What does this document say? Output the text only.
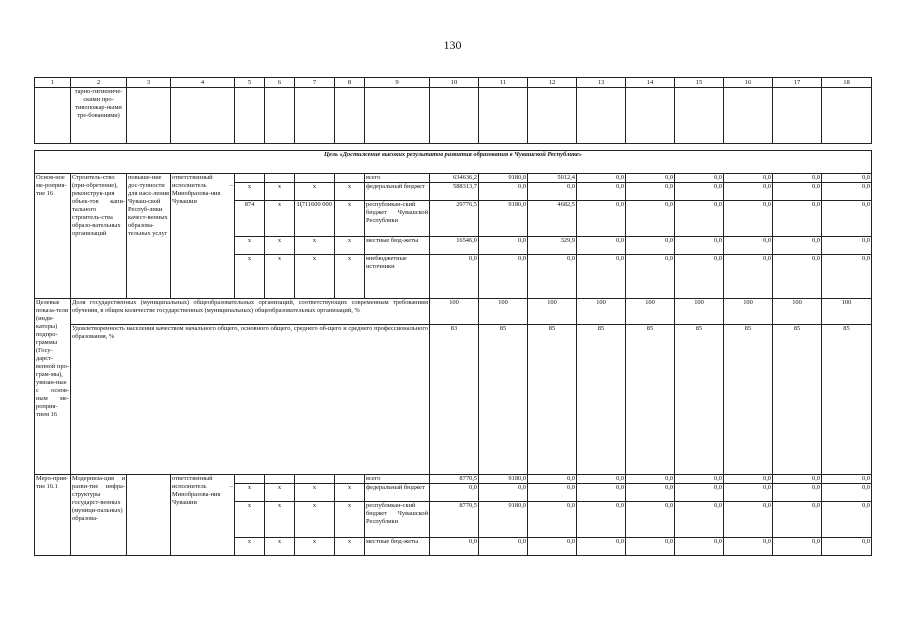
130
1	2	3	4	5	6	7	8	9	10	11	12	13	14	15	16	17	18
	тарно-гигиениче-скими про-тивопожар-ными тре-бованиями)																

Цель «Достижение высоких результатов развития образования в Чувашской Республике»																	
Основ-ное ме-роприя-тие 16	Строитель-ство (при-обретение), реконструк-ция объек-тов капи-тального строитель-ства образо-вательных организаций	повыше-ние дос-тупности для насе-ления Чуваш-ской Респуб-лики качест-венных образова-тельных услуг	ответственный исполнитель – Минобразова-ния Чувашии					всего	634636,2	9180,0	5012,4	0,0	0,0	0,0	0,0	0,0	0,0
				x	x	x	x	федеральный бюджет	588313,7	0,0	0,0	0,0	0,0	0,0	0,0	0,0	0,0
				874	x	Ц711600 000	x	республикан-ский бюджет Чувашской Республики	29776,5	9180,0	4682,5	0,0	0,0	0,0	0,0	0,0	0,0
				x	x	x	x	местные бюд-жеты	16546,0	0,0	329,9	0,0	0,0	0,0	0,0	0,0	0,0
				x	x	x	x	внебюджетные источники	0,0	0,0	0,0	0,0	0,0	0,0	0,0	0,0	0,0
Целевые показа-тели (инди-каторы) подпро-граммы (Госу-дарст-венной про-грам-мы), увязан-ные с основ-ным ме-роприя-тием 16	Доля государственных (муниципальных) общеобразовательных организаций, соответствующих современным требованиям обучения, в общем количестве государственных (муниципальных) общеобразовательных организаций, %								100	100	100	100	100	100	100	100	100
	Удовлетворенность населения качеством начального общего, основного общего, среднего об-щего и среднего профессионального образования, %								83	85	85	85	85	85	85	85	85
Меро-прия-тие 16.1	Модерниза-ция и разви-тие инфра-структуры государст-венных (муници-пальных) образова-		ответственный исполнитель – Минобразова-ния Чувашии					всего	8770,5	9180,0	0,0	0,0	0,0	0,0	0,0	0,0	0,0
				x	x	x	x	федеральный бюджет	0,0	0,0	0,0	0,0	0,0	0,0	0,0	0,0	0,0
				x	x	x	x	республикан-ский бюджет Чувашской Республики	8770,5	9180,0	0,0	0,0	0,0	0,0	0,0	0,0	0,0
				x	x	x	x	местные бюд-жеты	0,0	0,0	0,0	0,0	0,0	0,0	0,0	0,0	0,0
